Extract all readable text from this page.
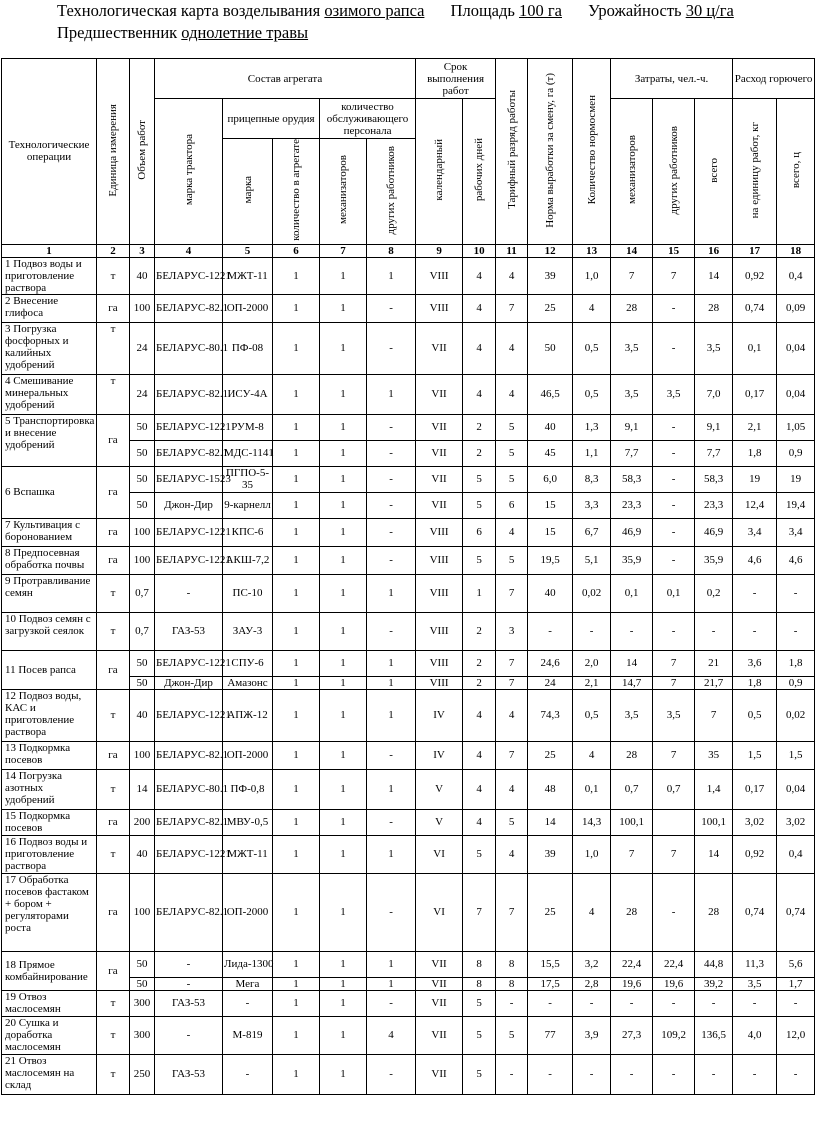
Технологическая карта возделывания озимого рапса Площадь 100 га Урожайность 30 ц/га
Предшественник однолетние травы
Технологические операции	Единица измерения	Объем работ	Состав агрегата					Срок выполнения работ		Тарифный разряд работы	Норма выработки за смену, га (т)	Количество нормосмен	Затраты, чел.-ч.			Расход горючего	
			марка трактора	прицепные орудия		количество обслуживающего персонала		календарный	рабочих дней				механизаторов	других работников	всего	на единицу работ, кг	всего, ц
				марка	количество в агрегате	механизаторов	других работников										
1	2	3	4	5	6	7	8	9	10	11	12	13	14	15	16	17	18
1 Подвоз воды и приготовление раствора	т	40	БЕЛАРУС-1221	МЖТ-11	1	1	1	VIII	4	4	39	1,0	7	7	14	0,92	0,4
2 Внесение глифоса	га	100	БЕЛАРУС-82.1	ОП-2000	1	1	-	VIII	4	7	25	4	28	-	28	0,74	0,09
3 Погрузка фосфорных и калийных удобрений	т	24	БЕЛАРУС-80.1	ПФ-08	1	1	-	VII	4	4	50	0,5	3,5	-	3,5	0,1	0,04
4 Смешивание минеральных удобрений	т	24	БЕЛАРУС-82.1	ИСУ-4А	1	1	1	VII	4	4	46,5	0,5	3,5	3,5	7,0	0,17	0,04
5 Транспортировка и внесение удобрений	га	50	БЕЛАРУС-1221	РУМ-8	1	1	-	VII	2	5	40	1,3	9,1	-	9,1	2,1	1,05
		50	БЕЛАРУС-82.1	МДС-1141	1	1	-	VII	2	5	45	1,1	7,7	-	7,7	1,8	0,9
6 Вспашка	га	50	БЕЛАРУС-1523	ПГПО-5-35	1	1	-	VII	5	5	6,0	8,3	58,3	-	58,3	19	19
		50	Джон-Дир	9-карнелл	1	1	-	VII	5	6	15	3,3	23,3	-	23,3	12,4	19,4
7 Культивация с боронованием	га	100	БЕЛАРУС-1221	КПС-6	1	1	-	VIII	6	4	15	6,7	46,9	-	46,9	3,4	3,4
8 Предпосевная обработка почвы	га	100	БЕЛАРУС-1221	АКШ-7,2	1	1	-	VIII	5	5	19,5	5,1	35,9	-	35,9	4,6	4,6
9 Протравливание семян	т	0,7	-	ПС-10	1	1	1	VIII	1	7	40	0,02	0,1	0,1	0,2	-	-
10 Подвоз семян с загрузкой сеялок	т	0,7	ГАЗ-53	ЗАУ-3	1	1	-	VIII	2	3	-	-	-	-	-	-	-
11 Посев рапса	га	50	БЕЛАРУС-1221	СПУ-6	1	1	1	VIII	2	7	24,6	2,0	14	7	21	3,6	1,8
		50	Джон-Дир	Амазонс	1	1	1	VIII	2	7	24	2,1	14,7	7	21,7	1,8	0,9
12 Подвоз воды, КАС и приготовление раствора	т	40	БЕЛАРУС-1221	АПЖ-12	1	1	1	IV	4	4	74,3	0,5	3,5	3,5	7	0,5	0,02
13 Подкормка посевов	га	100	БЕЛАРУС-82.1	ОП-2000	1	1	-	IV	4	7	25	4	28	7	35	1,5	1,5
14 Погрузка азотных удобрений	т	14	БЕЛАРУС-80.1	ПФ-0,8	1	1	1	V	4	4	48	0,1	0,7	0,7	1,4	0,17	0,04
15 Подкормка посевов	га	200	БЕЛАРУС-82.1	МВУ-0,5	1	1	-	V	4	5	14	14,3	100,1		100,1	3,02	3,02
16 Подвоз воды и приготовление раствора	т	40	БЕЛАРУС-1221	МЖТ-11	1	1	1	VI	5	4	39	1,0	7	7	14	0,92	0,4
17 Обработка посевов фастаком + бором + регуляторами роста	га	100	БЕЛАРУС-82.1	ОП-2000	1	1	-	VI	7	7	25	4	28	-	28	0,74	0,74
18 Прямое комбайнирование	га	50	-	Лида-1300	1	1	1	VII	8	8	15,5	3,2	22,4	22,4	44,8	11,3	5,6
		50	-	Мега	1	1	1	VII	8	8	17,5	2,8	19,6	19,6	39,2	3,5	1,7
19 Отвоз маслосемян	т	300	ГАЗ-53	-	1	1	-	VII	5	-	-	-	-	-	-	-	-
20 Сушка и доработка маслосемян	т	300	-	М-819	1	1	4	VII	5	5	77	3,9	27,3	109,2	136,5	4,0	12,0
21 Отвоз маслосемян на склад	т	250	ГАЗ-53	-	1	1	-	VII	5	-	-	-	-	-	-	-	-
